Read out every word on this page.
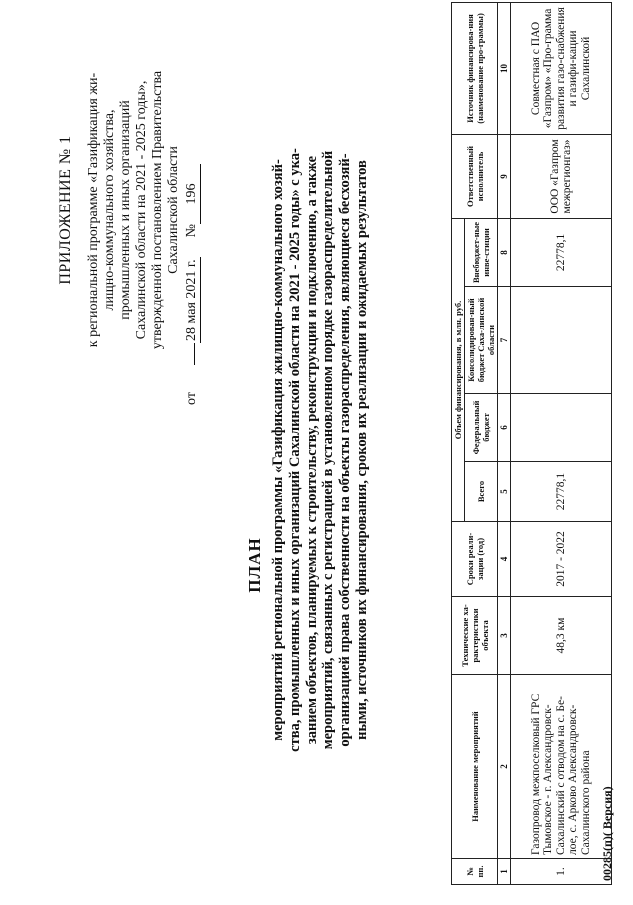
ПРИЛОЖЕНИЕ № 1 к региональной программе «Газификация жи- лищно-коммунального хозяйства, промышленных и иных организаций Сахалинской области на 2021 - 2025 годы», утвержденной постановлением Правительства Сахалинской области
от
28 мая 2021 г.
№
196
ПЛАН мероприятий региональной программы «Газификация жилищно-коммунального хозяй- ства, промышленных и иных организаций Сахалинской области на 2021 - 2025 годы» с ука- занием объектов, планируемых к строительству, реконструкции и подключению, а также мероприятий, связанных с регистрацией в установленном порядке газораспределительной организацией права собственности на объекты газораспределения, являющиеся бесхозяй- ными, источников их финансирования, сроков их реализации и ожидаемых результатов
№ пп.	Наименование мероприятий	Технические ха-рактеристики объекта	Сроки реали-зации (год)	Объем финансирования, в млн. руб.				Ответственный исполнитель	Источник финансирова-ния (наименование про-граммы)
				Всего	Федеральный бюджет	Консолидирован-ный бюджет Саха-линской области	Внебюджет-ные инве-стиции		
1	2	3	4	5	6	7	8	9	10
1.	Газопровод межпоселковый ГРС Тымовское - г. Александровск-Сахалинский с отводом на с. Бе-лое, с. Арково Александровск-Сахалинского района	48,3 км	2017 - 2022	22778,1			22778,1	ООО «Газпром межрегионгаз»	Совместная с ПАО «Газпром» «Про-грамма развития газо-снабжения и газифи-кации Сахалинской
00285(п)( Версия)
